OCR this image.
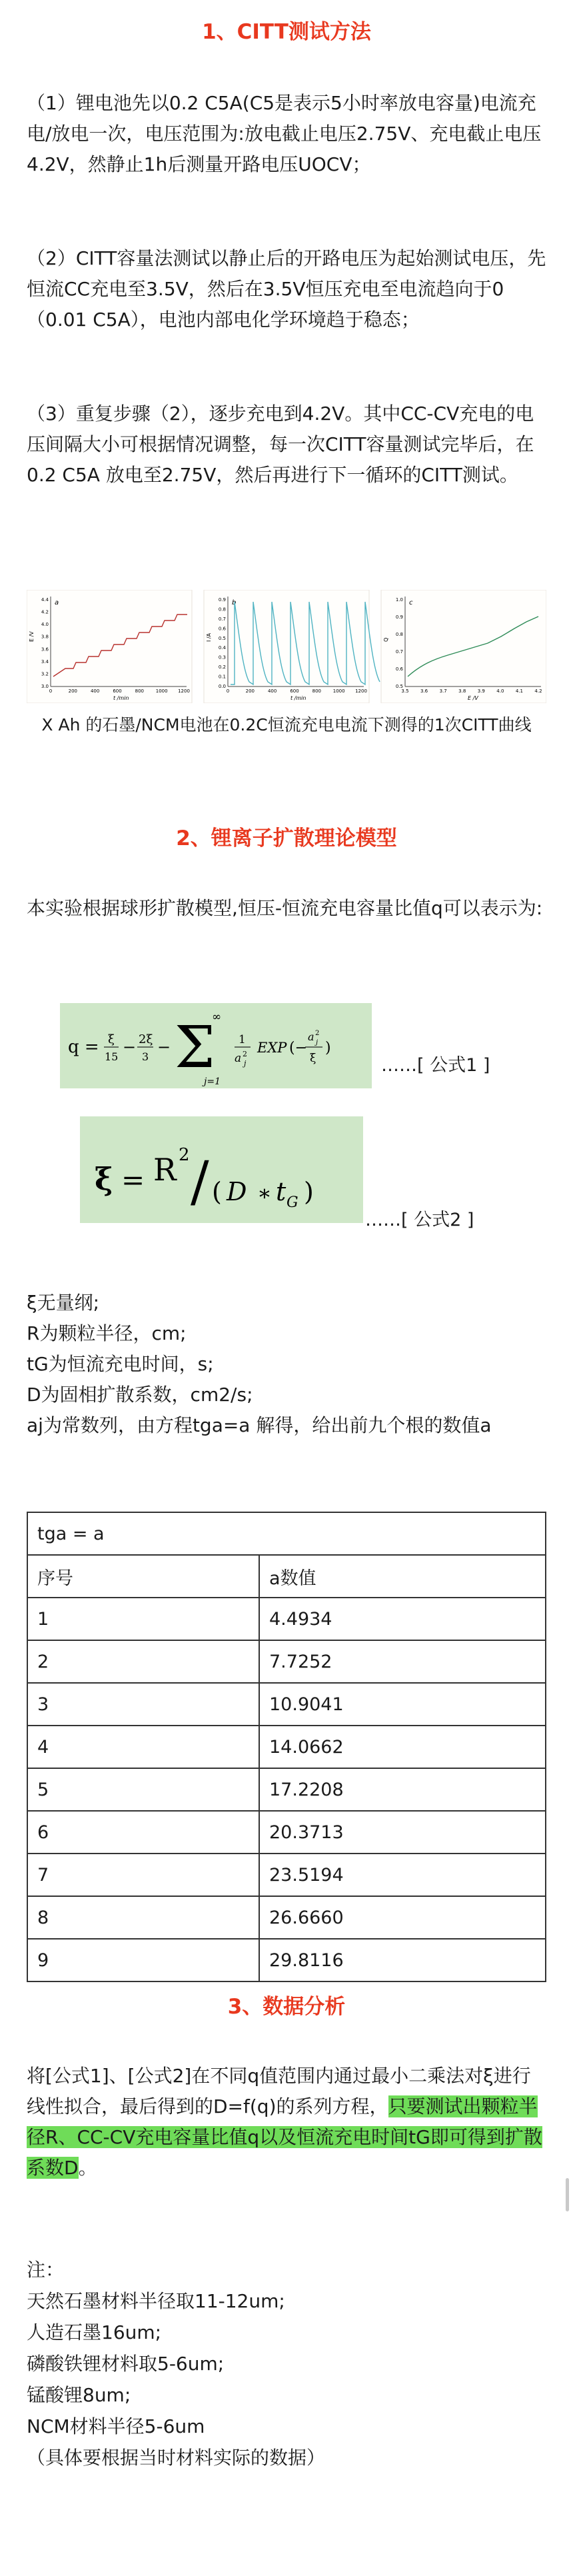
1、CITT测试方法
（1）锂电池先以0.2 C5A(C5是表示5小时率放电容量)电流充电/放电一次，电压范围为:放电截止电压2.75V、充电截止电压4.2V，然静止1h后测量开路电压UOCV；
（2）CITT容量法测试以静止后的开路电压为起始测试电压，先恒流CC充电至3.5V，然后在3.5V恒压充电至电流趋向于0（0.01 C5A），电池内部电化学环境趋于稳态；
（3）重复步骤（2），逐步充电到4.2V。其中CC-CV充电的电压间隔大小可根据情况调整，每一次CITT容量测试完毕后，在0.2 C5A 放电至2.75V，然后再进行下一循环的CITT测试。
a
E /V
t /min
4.4
4.2
4.0
3.8
3.6
3.4
3.2
3.0
0	200	400	600	800	1000 1200
b
I /A
t /min
0.9
0.8
0.7
0.6
0.5
0.4
0.3
0.2
0.1
0.0
0	200	400	600	800	1000 1200
c
Q
E /V
1.0
0.9
0.8
0.7
0.6
0.5
3.5 3.6 3.7 3.8 3.9 4.0 4.1 4.2
X Ah 的石墨/NCM电池在0.2C恒流充电电流下测得的1次CITT曲线
2、锂离子扩散理论模型
本实验根据球形扩散模型,恒压-恒流充电容量比值q可以表示为:
q = ξ
15
− 2ξ
3
− Σ
∞
j=1
1
a 2
j
EXP (−
a 2
j
ξ
)
……[ 公式1 ]
ξ = R 2 / ( D ∗ t G )
……[ 公式2 ]
ξ无量纲;
R为颗粒半径，cm;
tG为恒流充电时间，s;
D为固相扩散系数，cm2/s;
aj为常数列，由方程tga=a 解得，给出前九个根的数值a
tga = a	
序号	a数值
1	4.4934
2	7.7252
3	10.9041
4	14.0662
5	17.2208
6	20.3713
7	23.5194
8	26.6660
9	29.8116
3、数据分析
将[公式1]、[公式2]在不同q值范围内通过最小二乘法对ξ进行线性拟合，最后得到的D=f(q)的系列方程，只要测试出颗粒半径R、CC-CV充电容量比值q以及恒流充电时间tG即可得到扩散系数D。
注：
天然石墨材料半径取11-12um;
人造石墨16um;
磷酸铁锂材料取5-6um;
锰酸锂8um;
NCM材料半径5-6um
（具体要根据当时材料实际的数据）
